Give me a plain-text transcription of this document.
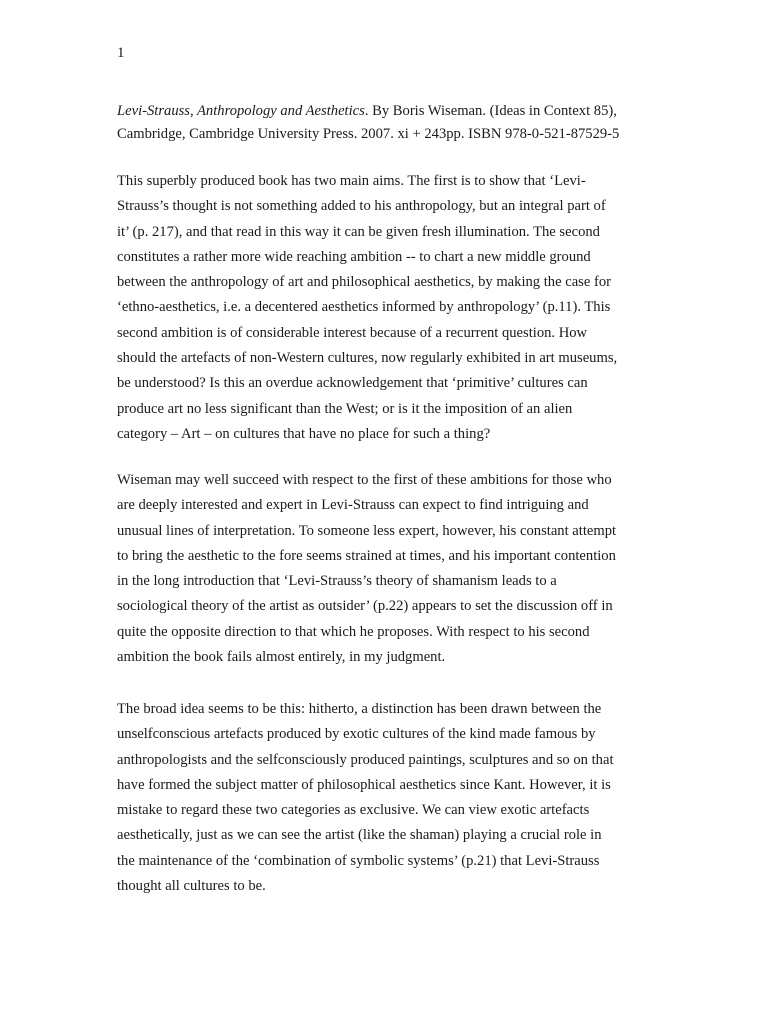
1
Levi-Strauss, Anthropology and Aesthetics. By Boris Wiseman. (Ideas in Context 85),
Cambridge, Cambridge University Press. 2007. xi + 243pp. ISBN 978-0-521-87529-5
This superbly produced book has two main aims. The first is to show that ‘Levi-
Strauss’s thought is not something added to his anthropology, but an integral part of
it’ (p. 217), and that read in this way it can be given fresh illumination. The second
constitutes a rather more wide reaching ambition -- to chart a new middle ground
between the anthropology of art and philosophical aesthetics, by making the case for
‘ethno-aesthetics, i.e. a decentered aesthetics informed by anthropology’ (p.11). This
second ambition is of considerable interest because of a recurrent question. How
should the artefacts of non-Western cultures, now regularly exhibited in art museums,
be understood? Is this an overdue acknowledgement that ‘primitive’ cultures can
produce art no less significant than the West; or is it the imposition of an alien
category – Art – on cultures that have no place for such a thing?
Wiseman may well succeed with respect to the first of these ambitions for those who
are deeply interested and expert in Levi-Strauss can expect to find intriguing and
unusual lines of interpretation. To someone less expert, however, his constant attempt
to bring the aesthetic to the fore seems strained at times, and his important contention
in the long introduction that ‘Levi-Strauss’s theory of shamanism leads to a
sociological theory of the artist as outsider’ (p.22) appears to set the discussion off in
quite the opposite direction to that which he proposes. With respect to his second
ambition the book fails almost entirely, in my judgment.
The broad idea seems to be this: hitherto, a distinction has been drawn between the
unselfconscious artefacts produced by exotic cultures of the kind made famous by
anthropologists and the selfconsciously produced paintings, sculptures and so on that
have formed the subject matter of philosophical aesthetics since Kant. However, it is
mistake to regard these two categories as exclusive. We can view exotic artefacts
aesthetically, just as we can see the artist (like the shaman) playing a crucial role in
the maintenance of the ‘combination of symbolic systems’ (p.21) that Levi-Strauss
thought all cultures to be.
